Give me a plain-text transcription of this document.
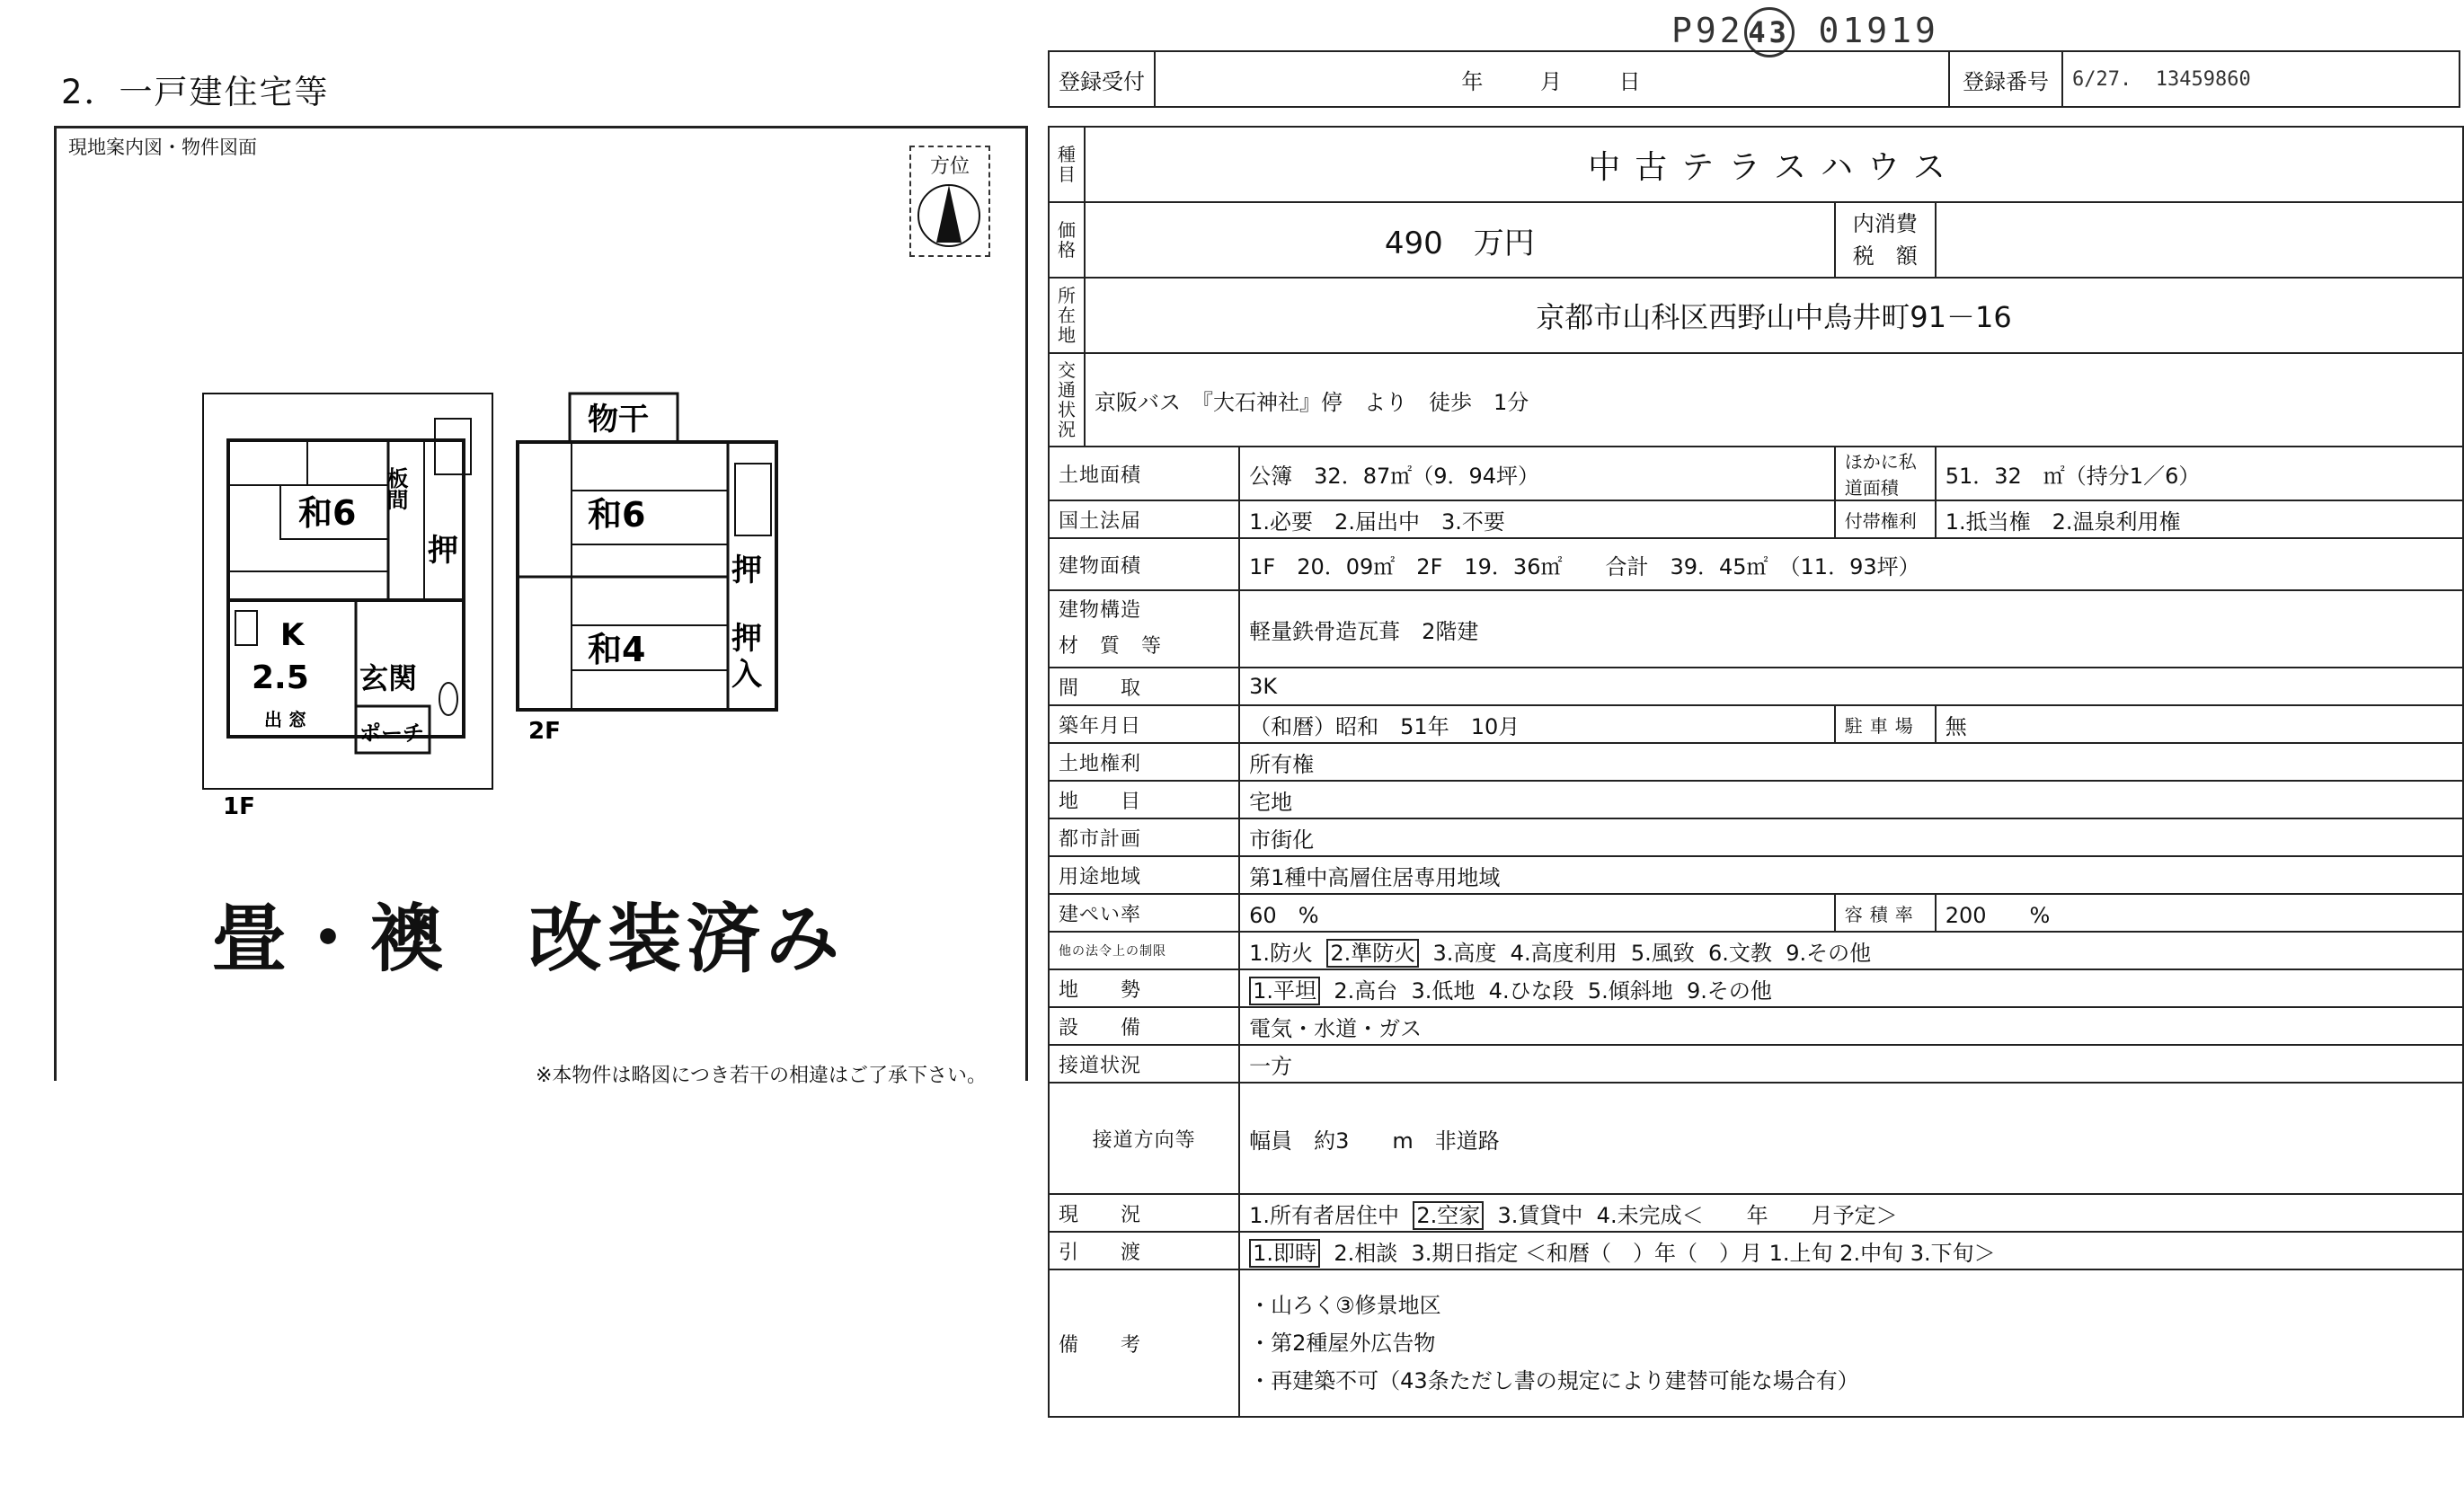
2．一戸建住宅等
P92 43 01919
現地案内図・物件図面
方位
和6
板間
押
K
2.5 玄関
出 窓
ポーチ
1F
物干
和6
和4
押
押
入
2F
畳・襖　改装済み
※本物件は略図につき若干の相違はご了承下さい。
登録受付	年   	月   	日	登録番号	6/27. 13459860
種目	中古テラスハウス			
価格	490　万円		内消費
税　額	

所在地	京都市山科区西野山中鳥井町91－16			
交通状況	京阪バス　『大石神社』停　より　徒歩　1分			
土地面積		公簿　32．87㎡（9．94坪）	ほかに私道面積	51．32　㎡（持分1／6）
国土法届		1.必要　2.届出中　3.不要	付帯権利	1.抵当権　2.温泉利用権
建物面積		1F　20．09㎡　2F　19．36㎡　　合計　39．45㎡　（11．93坪）		

建物構造
材　質　等		軽量鉄骨造瓦葺　2階建		
間　　取		3K		
築年月日		（和暦）昭和　51年　10月	駐車場	無
土地権利		所有権		
地　　目		宅地		
都市計画		市街化		
用途地域		第1種中高層住居専用地域		
建ぺい率		60　%	容積率	200　　%
他の法令上の制限		1.防火 2.準防火 3.高度 4.高度利用 5.風致 6.文教 9.その他		
地　　勢		1.平坦 2.高台 3.低地 4.ひな段 5.傾斜地 9.その他		
設　　備		電気・水道・ガス		
接道状況		一方		
接道方向等		幅員　約3　　m　非道路		
現　　況		1.所有者居住中 2.空家 3.賃貸中 4.未完成＜　　年　　月予定＞		
引　　渡		1.即時 2.相談 3.期日指定 ＜和暦（　）年（　）月 1.上旬 2.中旬 3.下旬＞		
備　　考		・山ろく③修景地区
・第2種屋外広告物
・再建築不可（43条ただし書の規定により建替可能な場合有）		
